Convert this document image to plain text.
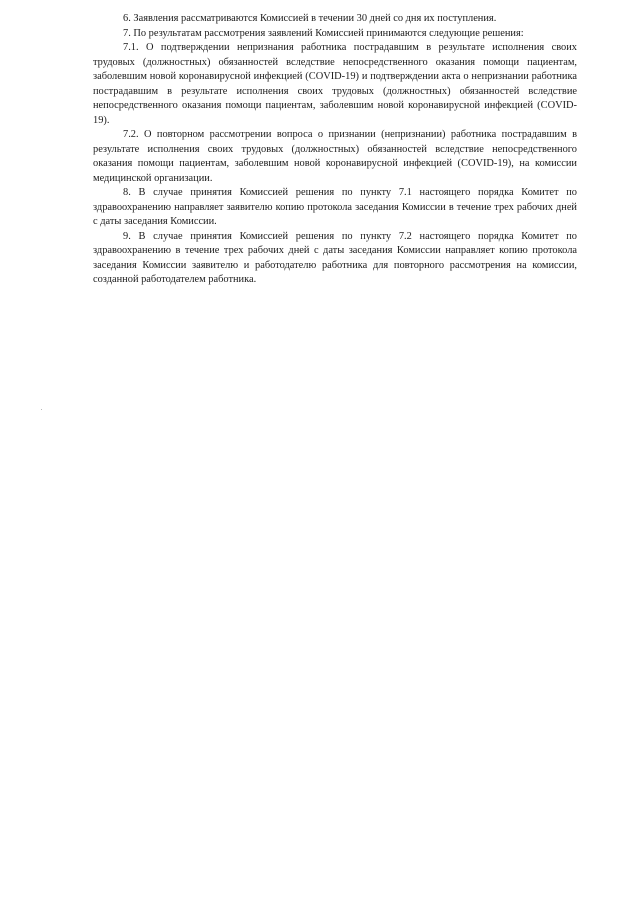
6. Заявления рассматриваются Комиссией в течении 30 дней со дня их поступления.

7. По результатам рассмотрения заявлений Комиссией принимаются следующие решения:

7.1. О подтверждении непризнания работника пострадавшим в результате исполнения своих трудовых (должностных) обязанностей вследствие непосредственного оказания помощи пациентам, заболевшим новой коронавирусной инфекцией (COVID-19) и подтверждении акта о непризнании работника пострадавшим в результате исполнения своих трудовых (должностных) обязанностей вследствие непосредственного оказания помощи пациентам, заболевшим новой коронавирусной инфекцией (COVID-19).

7.2. О повторном рассмотрении вопроса о признании (непризнании) работника пострадавшим в результате исполнения своих трудовых (должностных) обязанностей вследствие непосредственного оказания помощи пациентам, заболевшим новой коронавирусной инфекцией (COVID-19), на комиссии медицинской организации.

8. В случае принятия Комиссией решения по пункту 7.1 настоящего порядка Комитет по здравоохранению направляет заявителю копию протокола заседания Комиссии в течение трех рабочих дней с даты заседания Комиссии.

9. В случае принятия Комиссией решения по пункту 7.2 настоящего порядка Комитет по здравоохранению в течение трех рабочих дней с даты заседания Комиссии направляет копию протокола заседания Комиссии заявителю и работодателю работника для повторного рассмотрения на комиссии, созданной работодателем работника.
